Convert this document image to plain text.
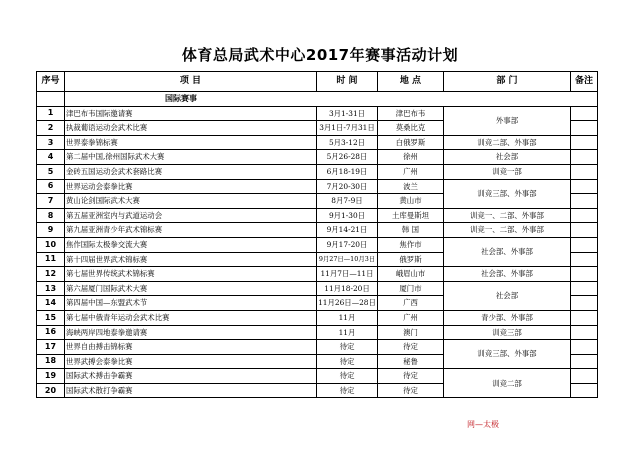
体育总局武术中心2017年赛事活动计划
序号	项 目	时 间	地 点	部 门	备注
	国际赛事				
1	津巴布韦国际邀请赛	3月1-31日	津巴布韦	外事部	
2	执裁葡语运动会武术比赛	3月1日-7月31日	莫桑比克		
3	世界泰拳锦标赛	5月3-12日	白俄罗斯	训竞二部、外事部	
4	第二届中国,徐州国际武术大赛	5月26-28日	徐州	社会部	
5	金砖五国运动会武术套路比赛	6月18-19日	广州	训竞一部	
6	世界运动会泰拳比赛	7月20-30日	波兰	训竞三部、外事部	
7	黄山论剑国际武术大赛	8月7-9日	黄山市		
8	第五届亚洲室内与武道运动会	9月1-30日	土库曼斯坦	训竞一、二部、外事部	
9	第九届亚洲青少年武术锦标赛	9月14-21日	韩 国	训竞一、二部、外事部	
10	焦作国际太极拳交流大赛	9月17-20日	焦作市	社会部、外事部	
11	第十四届世界武术锦标赛	9月27日—10月3日	俄罗斯		
12	第七届世界传统武术锦标赛	11月7日—11日	峨眉山市	社会部、外事部	
13	第六届厦门国际武术大赛	11月18-20日	厦门市	社会部	
14	第四届中国—东盟武术节	11月26日—28日	广西		
15	第七届中俄青年运动会武术比赛	11月	广州	青少部、外事部	
16	海峡两岸四地泰拳邀请赛	11月	澳门	训竞三部	
17	世界自由搏击锦标赛	待定	待定	训竞三部、外事部	
18	世界武搏会泰拳比赛	待定	秘鲁		
19	国际武术搏击争霸赛	待定	待定	训竞二部	
20	国际武术散打争霸赛	待定	待定		
网—太极
